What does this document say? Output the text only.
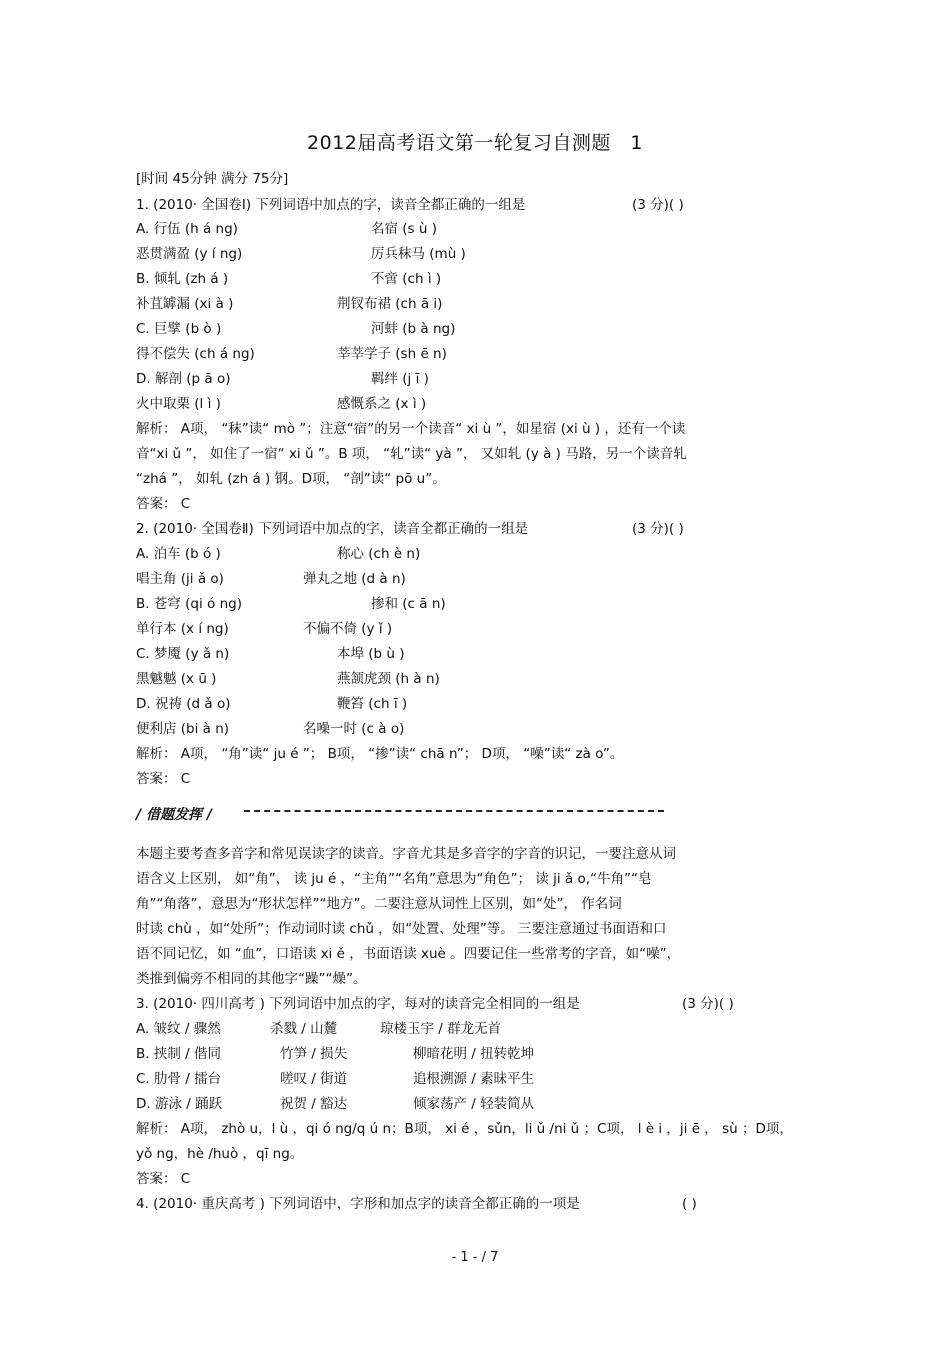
2012届高考语文第一轮复习自测题　1
[时间 45分钟 满分 75分]
1. (2010· 全国卷Ⅰ) 下列词语中加点的字，读音全都正确的一组是	(3 分)( )
A. 行伍 (h á ng)	名宿 (s ù )
恶贯满盈 (y í ng)	厉兵秣马 (mù )
B. 倾轧 (zh á )	不啻 (ch ì )
补苴罅漏 (xi à )	荆钗布裙 (ch ā i)
C. 巨擘 (b ò )	河蚌 (b à ng)
得不偿失 (ch á ng)	莘莘学子 (sh ē n)
D. 解剖 (p ā o)	羁绊 (j ī )
火中取栗 (l ì )	感慨系之 (x ì )
解析： A项， “秣”读“ mò ”；注意“宿”的另一个读音“ xi ù ”，如星宿 (xi ù ) ，还有一个读
音“xi ǔ ”， 如住了一宿“ xi ǔ ”。B 项， “轧”读“ yà ”， 又如轧 (y à ) 马路，另一个读音轧
“zhá ”， 如轧 (zh á ) 钢。D项， “剖”读“ pō u”。
答案： C
2. (2010· 全国卷Ⅱ) 下列词语中加点的字，读音全都正确的一组是	(3 分)( )
A. 泊车 (b ó )	称心 (ch è n)
唱主角 (ji ǎ o)	弹丸之地 (d à n)
B. 苍穹 (qi ó ng)	掺和 (c ā n)
单行本 (x í ng)	不偏不倚 (y ǐ )
C. 梦魇 (y ǎ n)	本埠 (b ù )
黑魆魆 (x ū )	燕颔虎颈 (h à n)
D. 祝祷 (d ǎ o)	鞭笞 (ch ī )
便利店 (bi à n)	名噪一时 (c à o)
解析： A项， “角”读“ ju é ”； B项， “掺”读“ chā n”； D项， “噪”读“ zà o”。
答案： C
/ 借题发挥 /
本题主要考查多音字和常见误读字的读音。字音尤其是多音字的字音的识记，一要注意从词
语含义上区别， 如“角”， 读 ju é ，“主角”“名角”意思为“角色”； 读 ji ǎ o,“牛角”“皂
角”“角落”，意思为“形状怎样”“地方”。二要注意从词性上区别，如“处”， 作名词
时读 chù ，如“处所”；作动词时读 chǔ ，如“处置、处理”等。 三要注意通过书面语和口
语不同记忆，如 “血”，口语读 xi ě ，书面语读 xuè 。四要记住一些常考的字音，如“噪”，
类推到偏旁不相同的其他字“躁”“燥”。
3. (2010· 四川高考 ) 下列词语中加点的字，每对的读音完全相同的一组是	(3 分)( )
A. 皱纹 / 骤然	杀戮 / 山麓	琼楼玉宇 / 群龙无首
B. 挟制 / 偕同	竹笋 / 损失	柳暗花明 / 扭转乾坤
C. 肋骨 / 擂台	嗟叹 / 街道	追根溯源 / 素昧平生
D. 游泳 / 踊跃	祝贺 / 豁达	倾家荡产 / 轻装简从
解析： A项， zhò u，l ù ，qi ó ng/q ú n；B项， xi é ，sǔn，li ǔ /ni ǔ ；C项， l è i ，ji ē ， sù ；D项，
yǒ ng，hè /huò ，qī ng。
答案： C
4. (2010· 重庆高考 ) 下列词语中，字形和加点字的读音全都正确的一项是	( )
- 1 - / 7
